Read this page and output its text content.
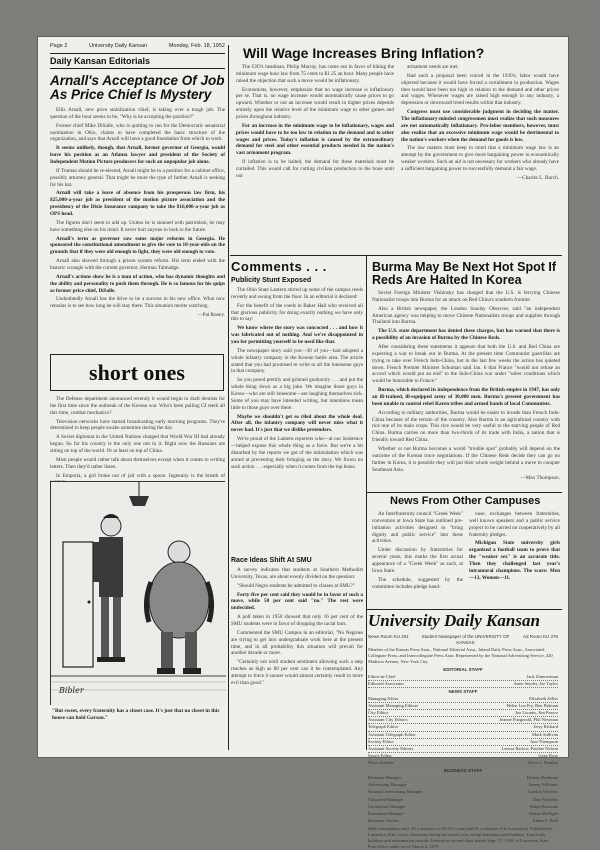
Page 2	University Daily Kansan	Monday, Feb. 18, 1952
Daily Kansan Editorials
Arnall's Acceptance Of Job As Price Chief Is Mystery

Ellis Arnall, new price stabilization chief, is taking over a tough job. The question of the hour seems to be, "Why is he accepting the position?"

Former chief Mike DiSalle, who is quitting to run for the Democratic senatorial nomination in Ohio, claims to have completed the basic structure of the organization, and says that Arnall will have a good foundation from which to work.

It seems unlikely, though, that Arnall, former governor of Georgia, would leave his position as an Atlanta lawyer and president of the Society of Independent Motion Picture producers for such an unpopular job alone.

If Truman should be re-elected, Arnall might be in a position for a cabinet office, possibly attorney general. That might be more the type of further Arnall is seeking for his hat.

Arnall will take a leave of absence from his prosperous law firm, his $25,000-a-year job as president of the motion picture association and the presidency of the Dixie Insurance company to take the $16,000-a-year job as OPS head.

The figures don't seem to add up. Unless he is stunned with patriotism, he may have something else on his mind. It never hurt anyone to look to the future.

Arnall's term as governor saw some major reforms in Georgia. He sponsored the constitutional amendment to give the vote to 18-year-olds on the grounds that if they were old enough to fight, they were old enough to vote.

Arnall also showed through a prison system reform. His term ended with the historic wrangle with the current governor, Herman Talmadge.

Arnall's actions show he is a man of action, who has dynamic thoughts and the ability and personality to push them through. He is so famous for his quips as former price chief, DiSalle.

Undoubtedly Arnall has the drive to be a success in his new office. What now remains is to see how long he will stay there. This situation merits watching.

—Pat Roney.

short ones

The Defense department announced recently it would begin to draft dentists for the first time since the outbreak of the Korean war. Who's been pulling GI teeth all this time, combat mechanics?

Television networks have started broadcasting early morning programs. They're determined to keep people awake sometime during the day.

A Soviet diplomat in the United Nations charged that World War III had already begun. So far his country is the only one not in it. Right now the Russians are sitting on top of the world. Or at least on top of China.

Most people would rather talk about themselves except when it comes to writing letters. Then they'd rather listen.

In Emporia, a girl broke out of jail with a spoon. Ingenuity is the breath of

Bibler
"But sweet, every fraternity has a closet case. It's just that no closet in this house can hold Garson."
Will Wage Increases Bring Inflation?

The CIO's headman, Philip Murray, has come out in favor of hiking the minimum wage hour law from 75 cents to $1.25 an hour. Many people have raised the objection that such a move would be inflationary.

Economists, however, emphasize that no wage increase is inflationary per se. That is, no wage increase would automatically cause prices to go upward. Whether or not an increase would result in higher prices depends entirely upon the relative level of the minimum wage to other games and prices throughout industry.

For an increase in the minimum wage to be inflationary, wages and prices would have to be too low in relation to the demand and to other wages and prices. Today's inflation is caused by the extraordinary demand for steel and other essential products needed in the nation's vast armament program.

If inflation is to be halted, the demand for these materials must be curtailed. This would call for cutting civilian production to the bone until our

armament needs are met.

Had such a proposal been voiced in the 1930's, labor would have objected because it would have forced a curtailment in production. Wages then would have been too high in relation to the demand and other prices and wages. Whenever wages are raised high enough in any industry, a depression or downward trend results within that industry.

Congress must use considerable judgment in deciding the matter. The inflationary-minded congressmen must realize that such measures are not automatically inflationary. Pro-labor members, however, must also realize that an excessive minimum wage would be detrimental to the nation's workers when the demand for goods is low.

The law makers must keep in mind that a minimum wage law is an attempt by the government to give more bargaining power to economically weaker workers. Such an aid is not necessary for workers who already have a sufficient bargaining power to successfully demand a fair wage.

—Charles L. Burch.

Comments . . .
Publicity Stunt Exposed

The Ohio State Lantern stirred up some of the campus reeds recently and swung from the floor. In an editorial it declared:

For the benefit of the coeds in Baker Hall who received all that glorious publicity for doing exactly nothing we have only this to say:

We know where the story was concocted . . . and how it was fabricated out of nothing. And we're disappointed in you for permitting yourself to be used like that.

The newspaper story said you—30 of you—had adopted a whole infantry company in the Korean battle area. The article stated that you had promised to write to all the lonesome guys in that company.

So you posed prettily and grinned goobacsly . . . and put the whole thing down as a big joke. We imagine those guys in Korea—who are still lonesome—are laughing themselves sick. Some of you may have intended writing, but intentions mean little to those guys over there.

Maybe we shouldn't get so riled about the whole deal. After all, the infantry company will never miss what it never had. It's just that we dislike pretenders.

We're proud of the Lantern reporters who—at our insistence—helped expose this whole thing as a farce. But we're a bit disturbed by the reports we got of the intimidation which was aimed at preventing their bringing us the story. We frown on such action . . . especially when it comes from the top brass.

Race Ideas Shift At SMU

A survey indicates that students at Southern Methodist University, Texas, are about evenly divided on the question:

"Should Negro students be admitted to classes at SMU?"

Forty-five per cent said they would be in favor of such a move, while 50 per cent said "no." The rest were undecided.

A poll taken in 1950 showed that only 16 per cent of the SMU students were in favor of dropping the racial bars.

Commented the SMU Campus in an editorial, "No Negroes are trying to get into undergraduate work here at the present time, and in all probability this situation will prevail for another decade or more.

"Certainly not until student sentiment allowing such a step reaches as high as 80 per cent can it be contemplated. Any attempt to force it sooner would almost certainly result in more evil than good."

Burma May Be Next Hot Spot If Reds Are Halted In Korea

Soviet Foreign Minister Vishinsky has charged that the U.S. is ferrying Chinese Nationalist troops into Burma for an attack on Red China's southern frontier.

Also a British newspaper, the London Sunday Observer, said "an independent American agency was helping to move Chinese Nationalists troops and supplies through Thailand into Burma.

The U.S. state department has denied these charges, but has warned that there is a possibility of an invasion of Burma by the Chinese Reds.

After considering these statements it appears that both the U.S. and Red China are expecting a war to break out in Burma. At the present time Communist guerrillas are trying to take over French Indo-China, but in the last few weeks the action has quieted down. French Premier Minister Schuman said Jan. 6 that France "would not refuse an accord which would put an end" to the Indo-China war under "sober conditions which would be honorable to France."

Burma, which declared its independence from the British empire in 1947, has only an ill-trained, ill-equipped army of 30,000 men. Burma's present government has been unable to control rebel Karen tribes and armed bands of local Communists.

According to military authorities, Burma would be easier to invade than French Indo-China because of the terrain of the country. Also Burma is an agricultural country with rice one of its main crops. This rice would be very useful to the starving people of Red China. Burma carries on more than two-thirds of its trade with India, a nation that is friendly toward Red China.

Whether or not Burma becomes a world "trouble spot" probably will depend on the outcome of the Korean truce negotiations. If the Chinese Reds decide they can go no farther in Korea, it is possible they will put their whole weight behind a move to conquer Southeast Asia.

—Max Thompson.

News From Other Campuses

An Interfraternity council "Greek Week" convention at Iowa State has outlined pre-initiation activities designed to "bring dignity and public service" into these activities.

Under discussion by fraternities for several years, this marks the first actual appearance of a "Greek Week" as such, at Iowa State.

The schedule, suggested by the committee includes pledge hand-

ouse, exchanges between fraternities, well known speakers and a public service project to be carried on cooperatively by all fraternity pledges.

Michigan State university girls organized a football team to prove that the "weaker sex" is an accurate title. Then they challenged last year's intramural champions. The score: Men—13, Women—11.

University Daily Kansan
News Room KU 251	Student Newspaper of the UNIVERSITY OF KANSAS
Ad Room KU 376
Member of the Kansas Press Assn., National Editorial Assn., Inland Daily Press Assn., Associated Collegiate Press, and Intercollegiate Press Assn. Represented by the National Advertising Service, 420 Madison Avenue, New York City.
EDITORIAL STAFF
Editor-in-Chief	Jack Zimmerman
Editorial Associates	Anne Snyder, Joe Taylor
NEWS STAFF
Managing Editor	Elizabeth Zeller
Assistant Managing Editors	Helen Lou Fry, Ben Hulman
City Editor	Joe Loomis, Jim Pearce
Assistant City Editors	Jeanne Fitzgerald, Phil Newman
Telegraph Editor	Jerry Rickard
Assistant Telegraph Editor	Mark Sullivan
Society Editor	Ann Thompson
Assistant Society Editors	Lenora Barlow, Pauline Nelson
Sports Editor	Gene Rose
News Adviser	Victor J. Danilov
BUSINESS STAFF
Business Manager	Dennis Heckman
Advertising Manager	Emery Williams
National Advertising Manager	Gordon Wheeler
Classified Manager	Don Whiteley
Circulation Manager	Ralph Bowman
Promotion Manager	Elaine McNight
Business Adviser	Elmer F. Beth
Mail subscription rates: $3 a semester or $4.50 a year (add $1 a semester if in Lawrence). Published in Lawrence, Kan., every afternoon during the school year except Saturdays and Sundays, University holidays and examination periods. Entered as second-class matter Sept. 17, 1910, at Lawrence, Kan., Post Office under act of March 3, 1879.
